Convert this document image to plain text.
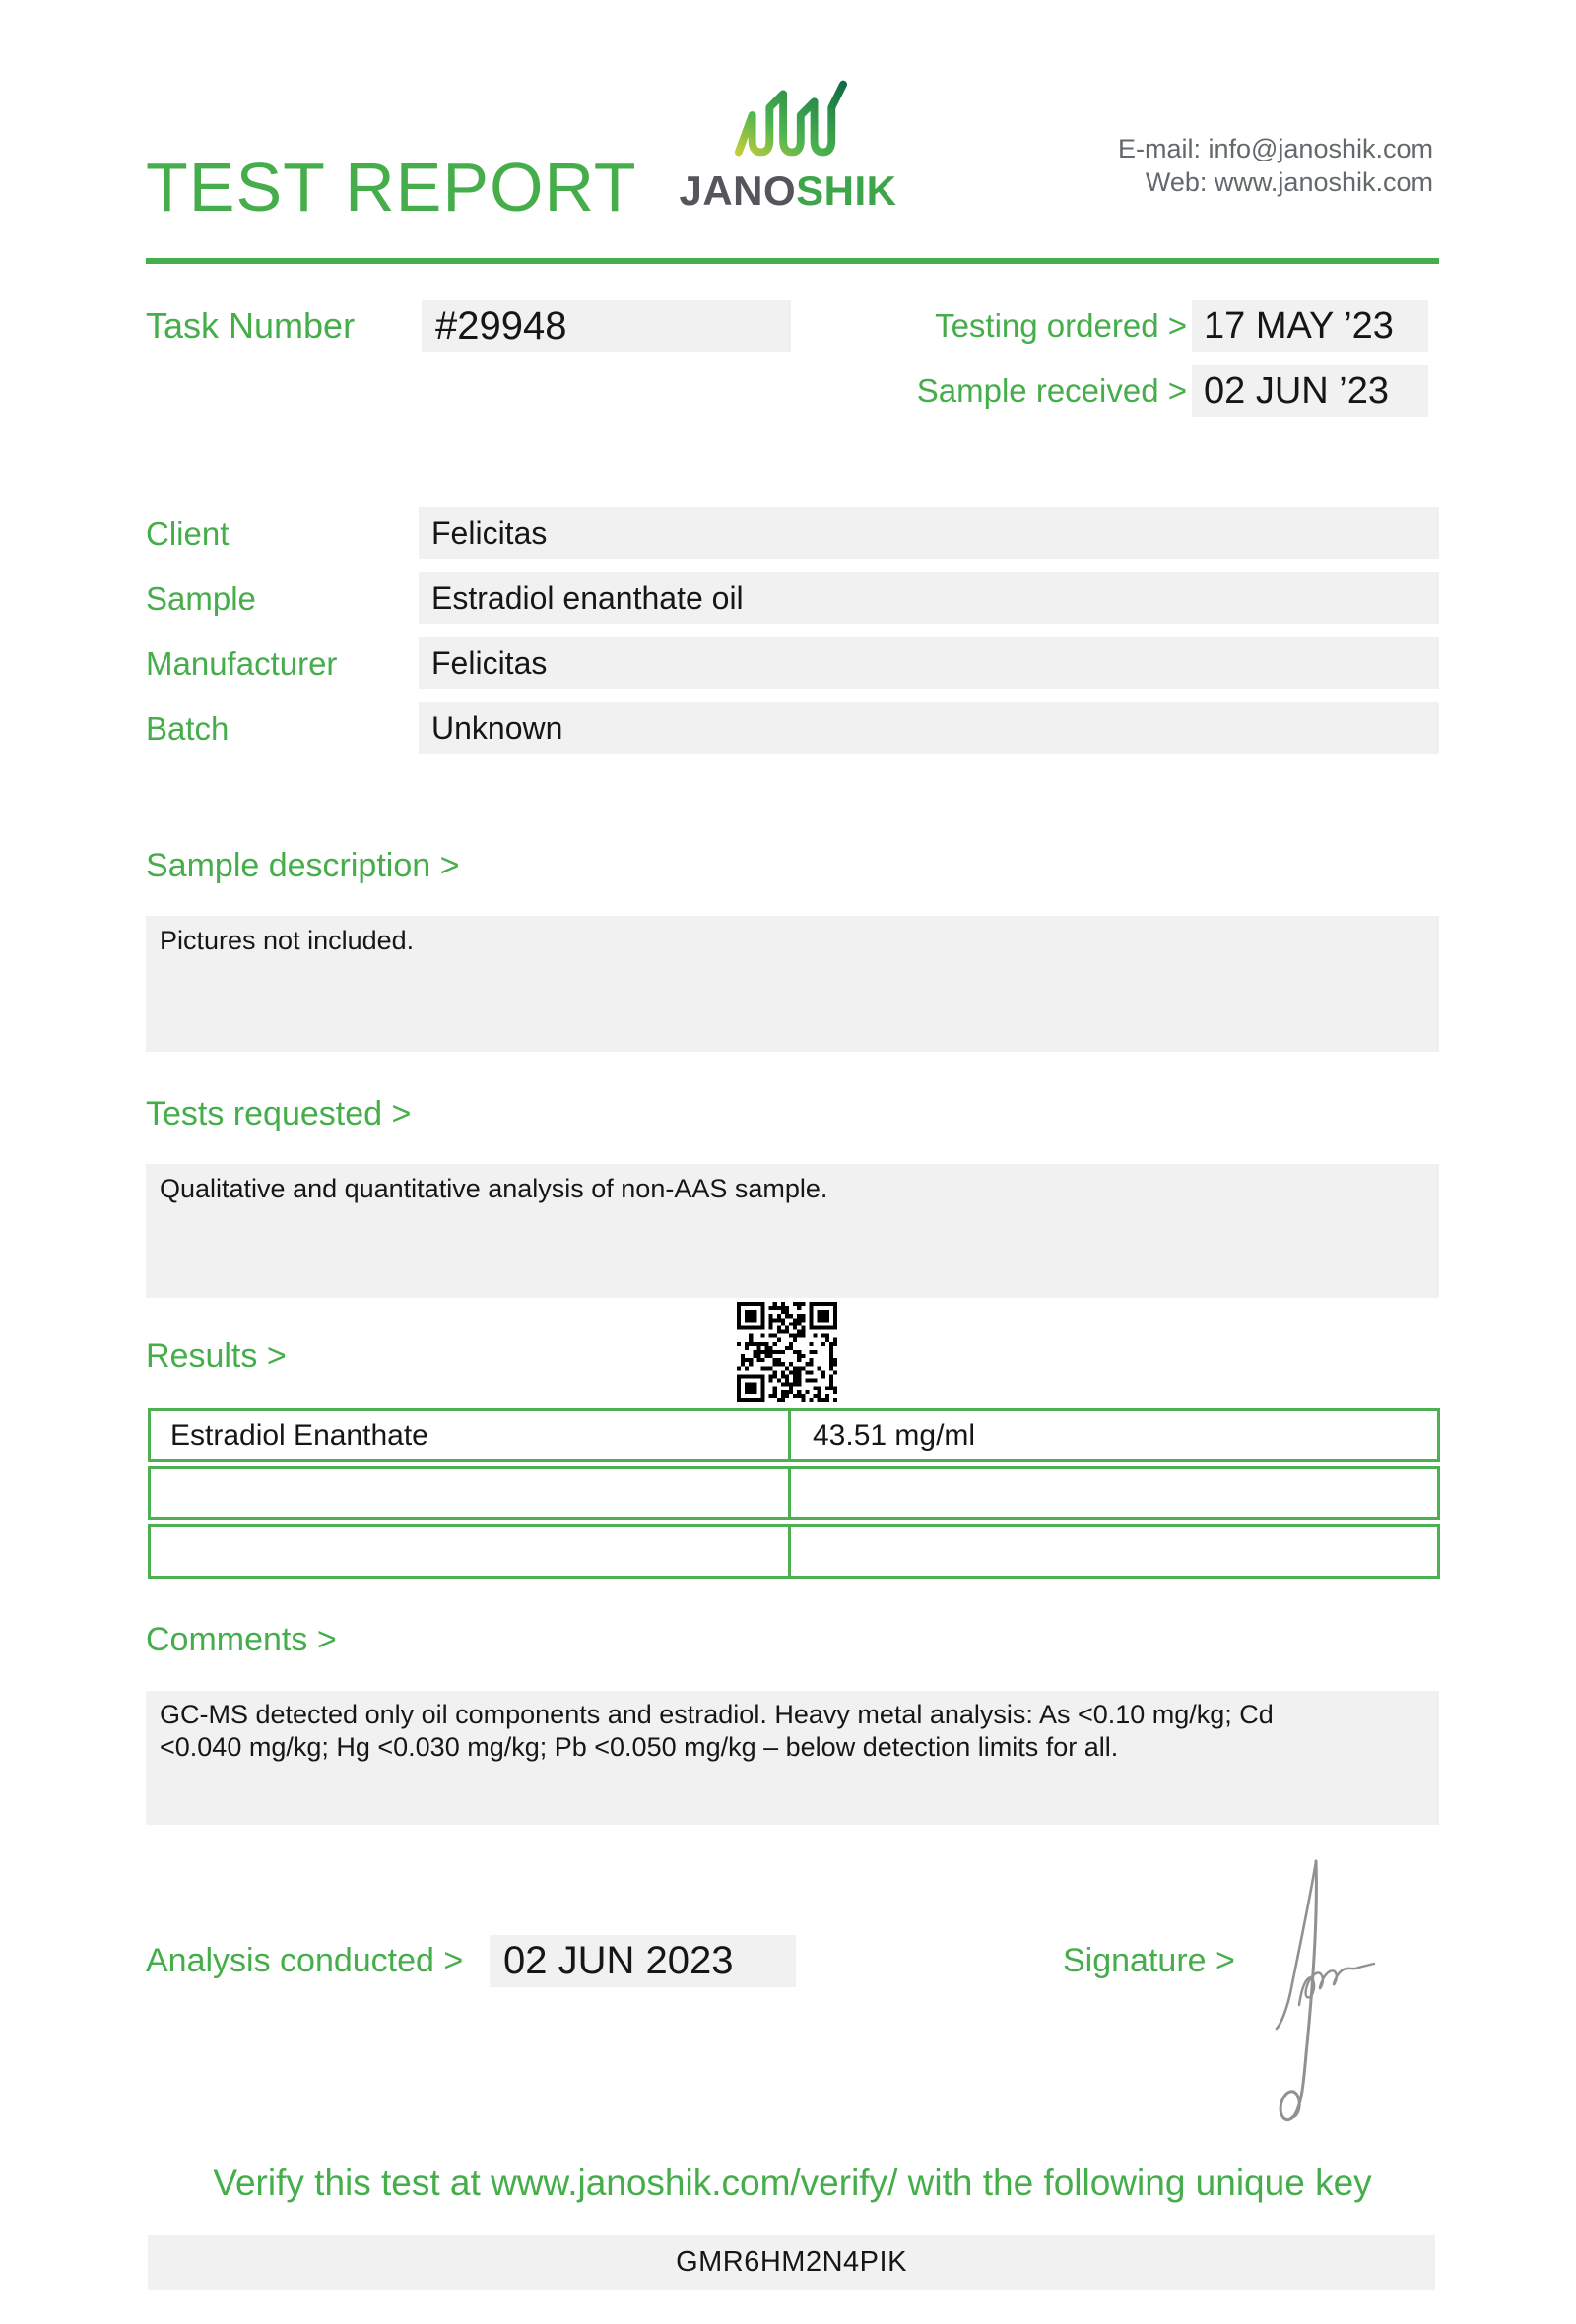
TEST REPORT	JANOSHIK
E-mail: info@janoshik.com
Web: www.janoshik.com
Task Number	#29948	Testing ordered > 17 MAY ’23
Sample received > 02 JUN ’23
Client	Felicitas
Sample	Estradiol enanthate oil
Manufacturer	Felicitas
Batch	Unknown
Sample description >
Pictures not included.
Tests requested >
Qualitative and quantitative analysis of non-AAS sample.
Results >
Estradiol Enanthate	43.51 mg/ml
Comments >
GC-MS detected only oil components and estradiol. Heavy metal analysis: As <0.10 mg/kg; Cd <0.040 mg/kg; Hg <0.030 mg/kg; Pb <0.050 mg/kg – below detection limits for all.
Analysis conducted >	02 JUN 2023	Signature >
Verify this test at www.janoshik.com/verify/ with the following unique key
GMR6HM2N4PIK
